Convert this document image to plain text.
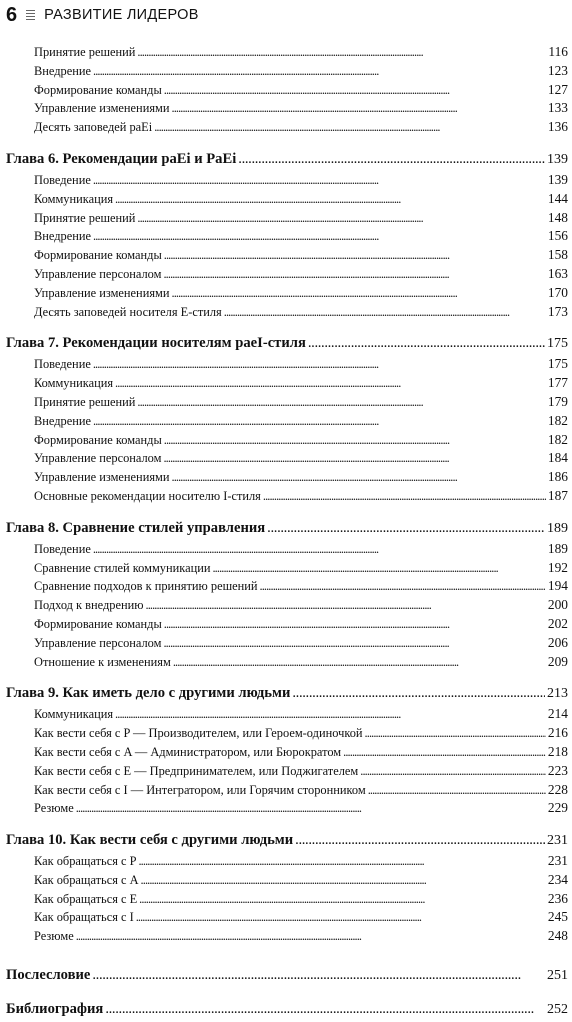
6 РАЗВИТИЕ ЛИДЕРОВ
Принятие решений . . .	116
Внедрение . . .	123
Формирование команды . . .	127
Управление изменениями . . .	133
Десять заповедей paEi . . .	136
Глава 6. Рекомендации paEi и PaEi . . .	139
Поведение . . .	139
Коммуникация . . .	144
Принятие решений . . .	148
Внедрение . . .	156
Формирование команды . . .	158
Управление персоналом . . .	163
Управление изменениями . . .	170
Десять заповедей носителя E-стиля . . .	173
Глава 7. Рекомендации носителям paeI-стиля . . .	175
Поведение . . .	175
Коммуникация . . .	177
Принятие решений . . .	179
Внедрение . . .	182
Формирование команды . . .	182
Управление персоналом . . .	184
Управление изменениями . . .	186
Основные рекомендации носителю I-стиля . . .	187
Глава 8. Сравнение стилей управления . . .	189
Поведение . . .	189
Сравнение стилей коммуникации . . .	192
Сравнение подходов к принятию решений . . .	194
Подход к внедрению . . .	200
Формирование команды . . .	202
Управление персоналом . . .	206
Отношение к изменениям . . .	209
Глава 9. Как иметь дело с другими людьми . . .	213
Коммуникация . . .	214
Как вести себя с P — Производителем, или Героем-одиночкой . . .	216
Как вести себя с A — Администратором, или Бюрократом . . .	218
Как вести себя с E — Предпринимателем, или Поджигателем . . .	223
Как вести себя с I — Интегратором, или Горячим сторонником . . .	228
Резюме . . .	229
Глава 10. Как вести себя с другими людьми . . .	231
Как обращаться с P . . .	231
Как обращаться с A . . .	234
Как обращаться с E . . .	236
Как обращаться с I . . .	245
Резюме . . .	248
Послесловие . . .	251
Библиография . . .	252
